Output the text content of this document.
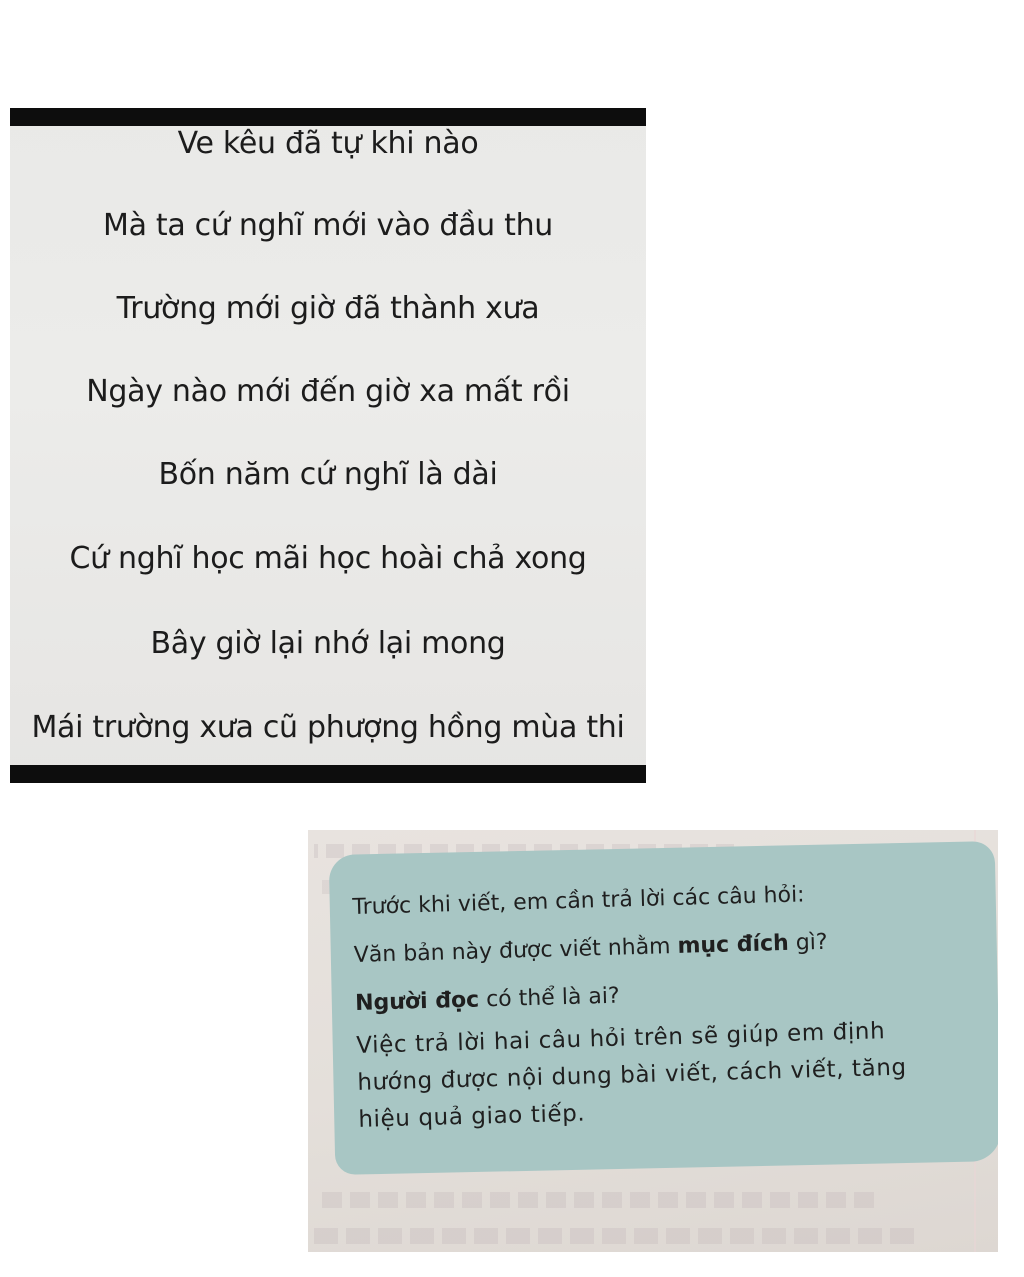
Ve kêu đã tự khi nào
Mà ta cứ nghĩ mới vào đầu thu
Trường mới giờ đã thành xưa
Ngày nào mới đến giờ xa mất rồi
Bốn năm cứ nghĩ là dài
Cứ nghĩ học mãi học hoài chả xong
Bây giờ lại nhớ lại mong
Mái trường xưa cũ phượng hồng mùa thi

Trước khi viết, em cần trả lời các câu hỏi:

Văn bản này được viết nhằm mục đích gì?

Người đọc có thể là ai?

Việc trả lời hai câu hỏi trên sẽ giúp em định

hướng được nội dung bài viết, cách viết, tăng

hiệu quả giao tiếp.
